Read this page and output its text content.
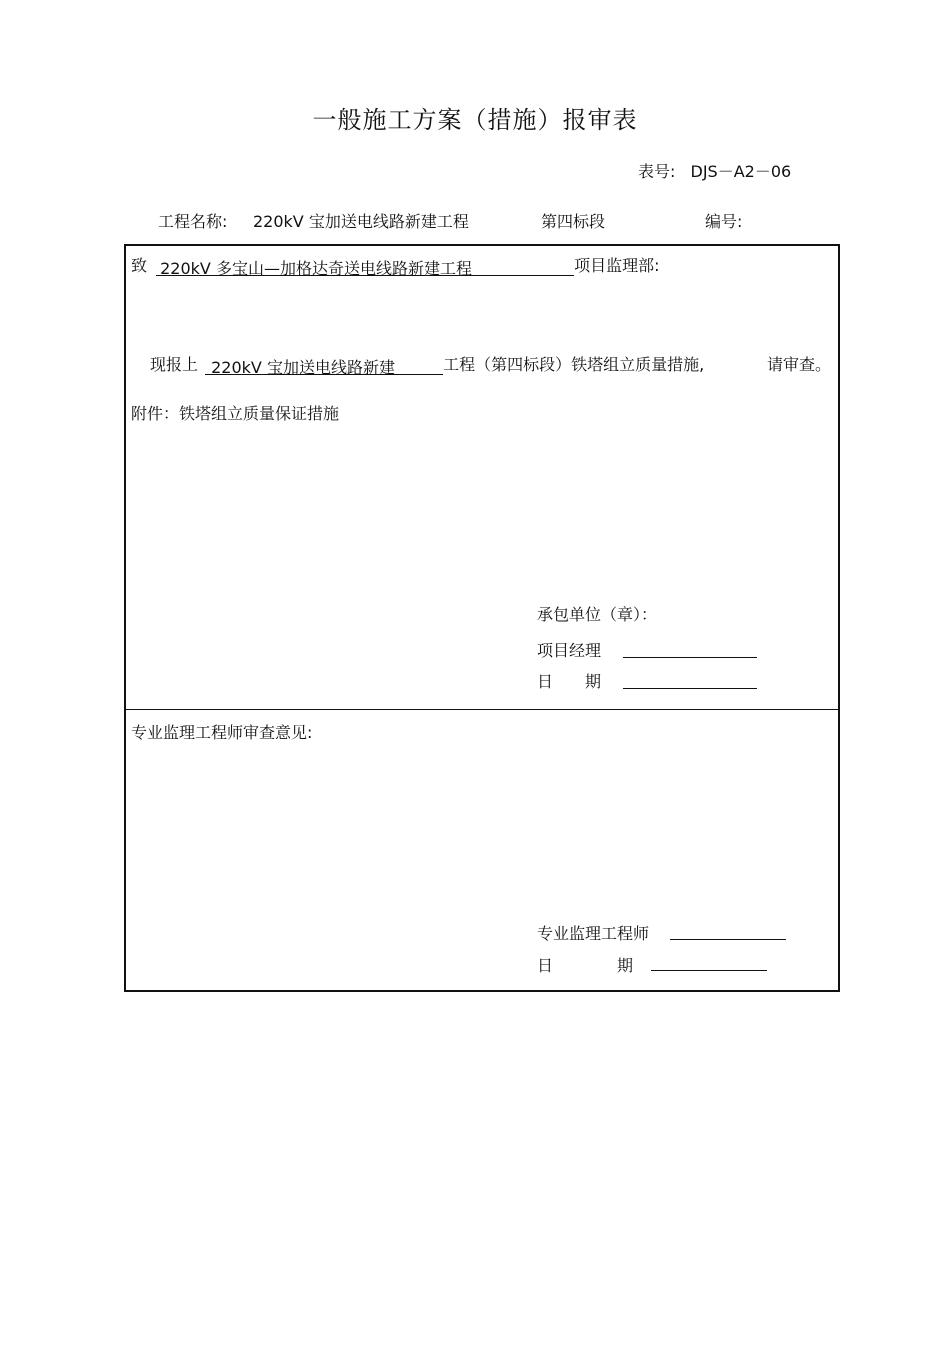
一般施工方案（措施）报审表
表号: DJS－A2－06
工程名称: 220kV 宝加送电线路新建工程	第四标段	编号:
致 220kV 多宝山—加格达奇送电线路新建工程	项目监理部:
现报上 220kV 宝加送电线路新建	工程（第四标段）铁塔组立质量措施,	请审查。
附件：铁塔组立质量保证措施
承包单位（章）：
项目经理
日　　期
专业监理工程师审查意见:
专业监理工程师
日　　　　期
